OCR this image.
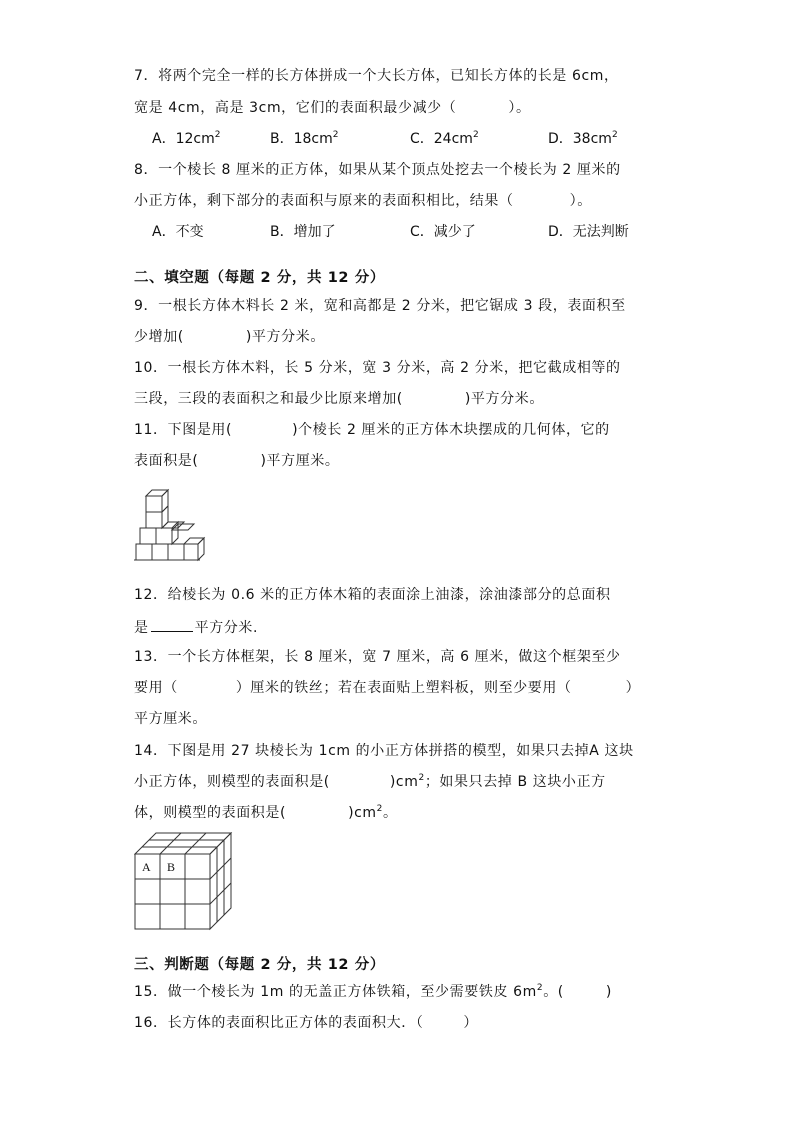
7．将两个完全一样的长方体拼成一个大长方体，已知长方体的长是 6cm，
宽是 4cm，高是 3cm，它们的表面积最少减少（	）。
A．$12cm^2$	B．$18cm^2$	C．$24cm^2$	D．$38cm^2$
8．一个棱长 8 厘米的正方体，如果从某个顶点处挖去一个棱长为 2 厘米的
小正方体，剩下部分的表面积与原来的表面积相比，结果（	）。
A．不变	B．增加了	C．减少了	D．无法判断
二、填空题（每题 2 分，共 12 分）
9．一根长方体木料长 2 米，宽和高都是 2 分米，把它锯成 3 段，表面积至
少增加(	)平方分米。
10．一根长方体木料，长 5 分米，宽 3 分米，高 2 分米，把它截成相等的
三段，三段的表面积之和最少比原来增加(	)平方分米。
11．下图是用(	)个棱长 2 厘米的正方体木块摆成的几何体，它的
表面积是(	)平方厘米。
12．给棱长为 0.6 米的正方体木箱的表面涂上油漆，涂油漆部分的总面积
是	平方分米.
13．一个长方体框架，长 8 厘米，宽 7 厘米，高 6 厘米，做这个框架至少
要用（	）厘米的铁丝；若在表面贴上塑料板，则至少要用（	）
平方厘米。
14．下图是用 27 块棱长为 1cm 的小正方体拼搭的模型，如果只去掉A 这块
小正方体，则模型的表面积是(	)$cm^2$；如果只去掉 B 这块小正方
体，则模型的表面积是(	)$cm^2$。
A B
三、判断题（每题 2 分，共 12 分）
15．做一个棱长为 1m 的无盖正方体铁箱，至少需要铁皮 $6m^2$。(	)
16．长方体的表面积比正方体的表面积大．（	）
